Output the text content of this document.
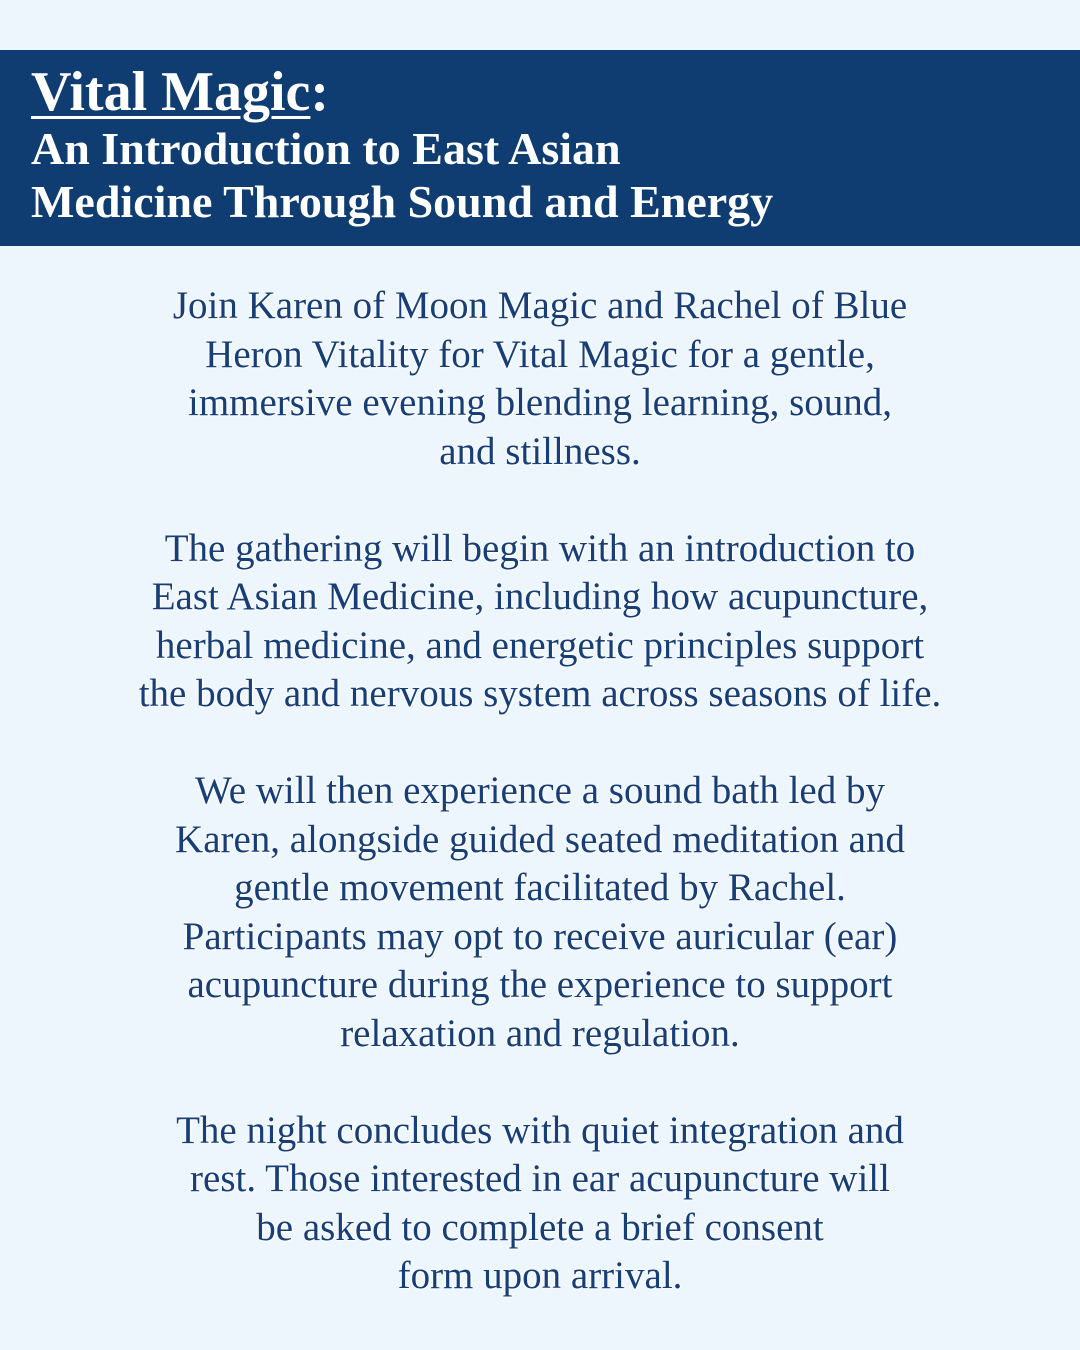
Vital Magic:
An Introduction to East Asian
Medicine Through Sound and Energy

Join Karen of Moon Magic and Rachel of Blue
Heron Vitality for Vital Magic for a gentle,
immersive evening blending learning, sound,
and stillness.

The gathering will begin with an introduction to
East Asian Medicine, including how acupuncture,
herbal medicine, and energetic principles support
the body and nervous system across seasons of life.

We will then experience a sound bath led by
Karen, alongside guided seated meditation and
gentle movement facilitated by Rachel.
Participants may opt to receive auricular (ear)
acupuncture during the experience to support
relaxation and regulation.

The night concludes with quiet integration and
rest. Those interested in ear acupuncture will
be asked to complete a brief consent
form upon arrival.
